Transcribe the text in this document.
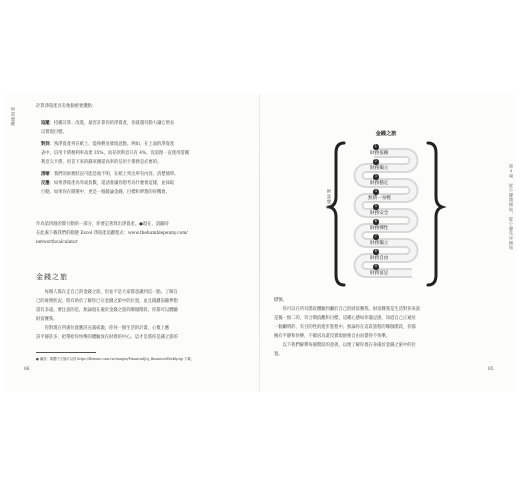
財富覺醒
計算淨資產具有他個重要優點：
追蹤：持續計算、改進，最害計算你的淨資產，你就越有動力讓它增長
以實現目標。
對到：熟淨資產列在紙上，能夠輕易發現意點。例如，在上面的淨資產
表中，信用卡債務利率高達 35%，而存款利息只有 4%。沒道理一直使用借關
利息欠卡債，用首下來的錢來優還高率的信用卡債務是必要的。
清晰：我們的財務狀況可能是地不明，在紙上列出所有內容，清楚簡單。
反應：如果淨資產為零或負數，還請會讓你想考為什麼會這樣，並採取
行動。如果你在開變中，更是一個鏡論金錢、目標和夢想的好機會。
作為第四週的實行動的一部分，你要記著算出淨資產。●現在，請隨時
在此處下載我們的動態 Excel 淨資產追蹤程式：www.thehumblepenny.com/
networthcalculator
金錢之旅
　　每個人都在走自己的金錢之旅，但並不是大家都意識到這一點。了解自
己的財務狀況，將有助於了解你已在金錢之旅中的位置，並且鏡鍵前趣夢想
還有多遠。要注意的是，無論現在處於金錢之旅的哪個階段，你都可以體驗
財富賽我。
　　你對現在所處位置應該充滿威激，你何一個生活的計畫，心懷上應
該平靜許多，把帶給你快樂的體驗放在財務的中心。這才是將你是錢之旅的
● 編按：繁體中文版可以到 https://flexone.com.tw/images/FinancialJoy_BusinessWeekly.zip 下載。
86
第４週　從小優越開始，從小優先序開始
金錢之旅
財富覺醒
1
財務依賴
2
財務獨立
3
財務穩定
4
無債一身輕
5
財務安全
6
財務彈性
7
財務獨立
8
財務自由
9
財務富足
標號。
　　你可以在所有階段體驗到屬於自己的財富賽我。財富賽我是生活對你來說
是獨一無二的，符合價值觀和目標，這種心態如你滿足感，知道自己正通於
一個屬明的、有目的性的進步進程中。無論你在這段旅程的哪個階段，你都
擁有平靜和快樂，不做因為還沒實現財務自由而覺得不快樂。
　　以下我們解釋每個階段的意義，以便了解你現在身處於金錢之旅中的位
置。
85
